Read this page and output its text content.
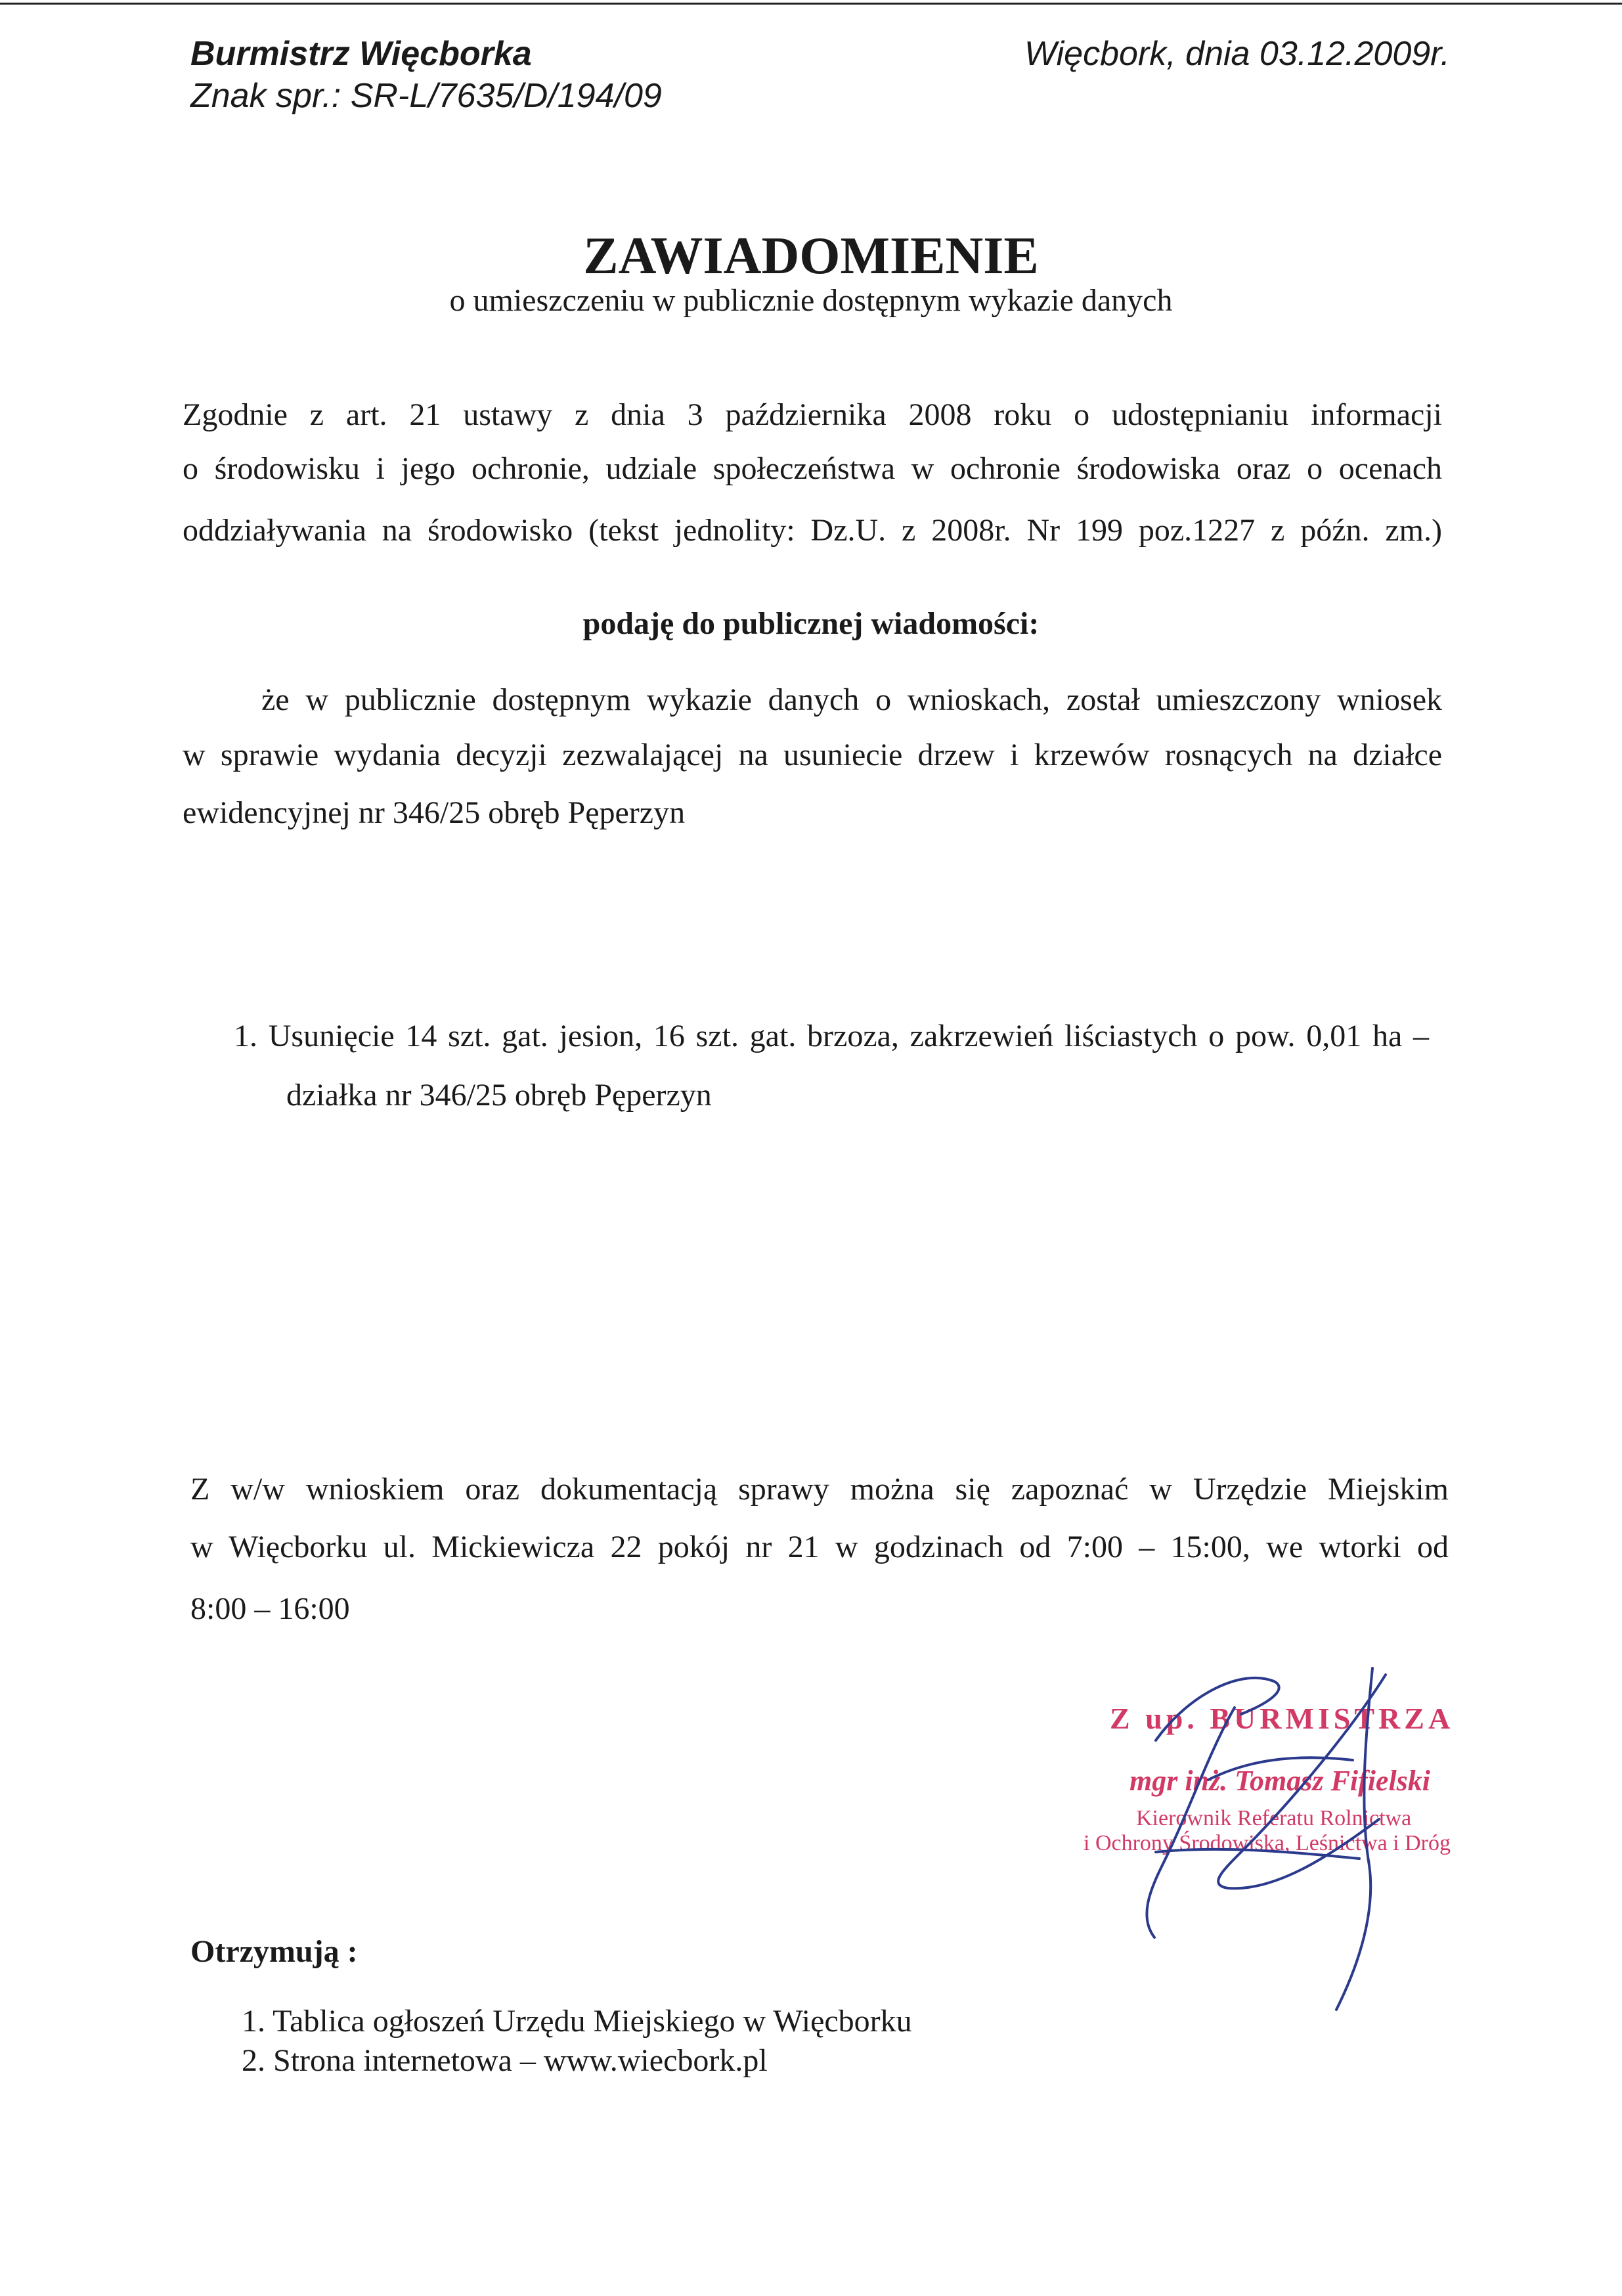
Burmistrz Więcborka
Znak spr.: SR-L/7635/D/194/09
Więcbork, dnia 03.12.2009r.
ZAWIADOMIENIE
o umieszczeniu w publicznie dostępnym wykazie danych
Zgodnie z art. 21 ustawy z dnia 3 października 2008 roku o udostępnianiu informacji
o środowisku i jego ochronie, udziale społeczeństwa w ochronie środowiska oraz o ocenach
oddziaływania na środowisko (tekst jednolity: Dz.U. z 2008r. Nr 199 poz.1227 z późn. zm.)
podaję do publicznej wiadomości:
że w publicznie dostępnym wykazie danych o wnioskach, został umieszczony wniosek
w sprawie wydania decyzji zezwalającej na usuniecie drzew i krzewów rosnących na działce
ewidencyjnej nr 346/25 obręb Pęperzyn
1. Usunięcie 14 szt. gat. jesion, 16 szt. gat. brzoza, zakrzewień liściastych o pow. 0,01 ha –
działka nr 346/25 obręb Pęperzyn
Z w/w wnioskiem oraz dokumentacją sprawy można się zapoznać w Urzędzie Miejskim
w Więcborku ul. Mickiewicza 22 pokój nr 21 w godzinach od 7:00 – 15:00, we wtorki od
8:00 – 16:00
Z up. BURMISTRZA
mgr inż. Tomasz Fifielski
Kierownik Referatu Rolnictwa
i Ochrony Środowiska, Leśnictwa i Dróg
Otrzymują :
1. Tablica ogłoszeń Urzędu Miejskiego w Więcborku
2. Strona internetowa – www.wiecbork.pl
